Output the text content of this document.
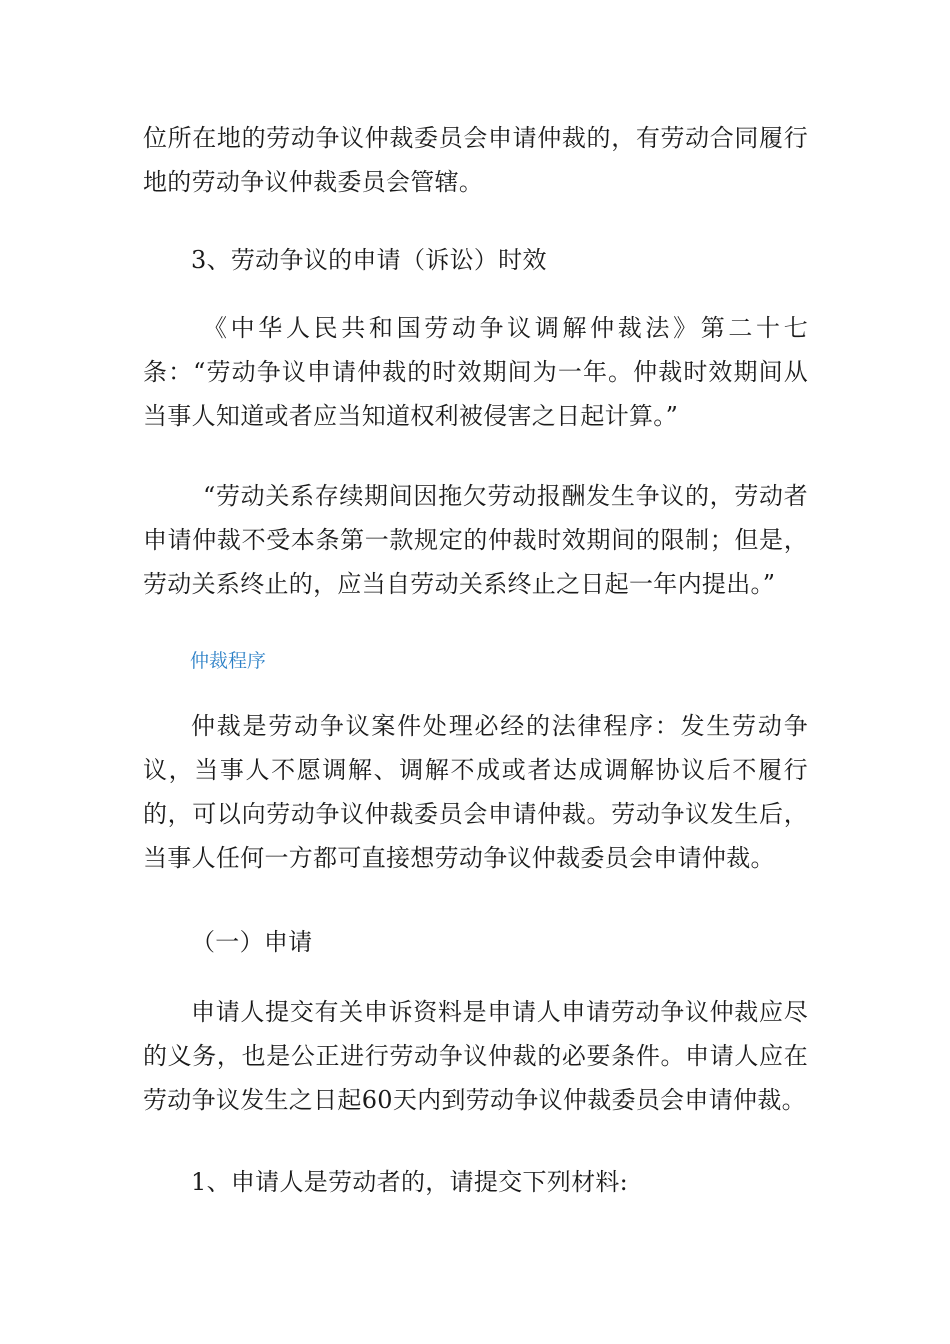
位所在地的劳动争议仲裁委员会申请仲裁的，有劳动合同履行地的劳动争议仲裁委员会管辖。

3、劳动争议的申请（诉讼）时效

《中华人民共和国劳动争议调解仲裁法》第二十七条：“劳动争议申请仲裁的时效期间为一年。仲裁时效期间从当事人知道或者应当知道权利被侵害之日起计算。”

“劳动关系存续期间因拖欠劳动报酬发生争议的，劳动者申请仲裁不受本条第一款规定的仲裁时效期间的限制；但是，劳动关系终止的，应当自劳动关系终止之日起一年内提出。”

仲裁程序

仲裁是劳动争议案件处理必经的法律程序：发生劳动争议，当事人不愿调解、调解不成或者达成调解协议后不履行的，可以向劳动争议仲裁委员会申请仲裁。劳动争议发生后，当事人任何一方都可直接想劳动争议仲裁委员会申请仲裁。

（一）申请

申请人提交有关申诉资料是申请人申请劳动争议仲裁应尽的义务，也是公正进行劳动争议仲裁的必要条件。申请人应在劳动争议发生之日起60天内到劳动争议仲裁委员会申请仲裁。

1、申请人是劳动者的，请提交下列材料:
